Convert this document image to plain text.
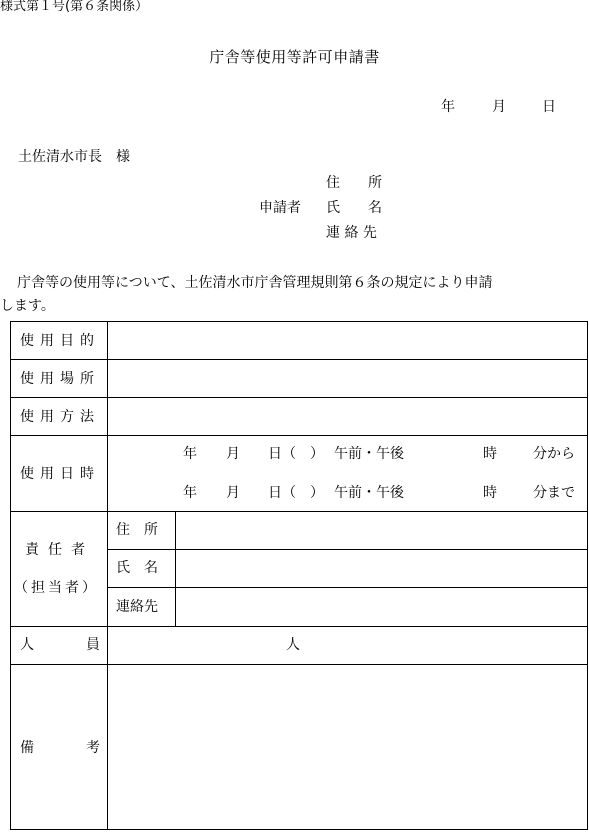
様式第１号(第６条関係）
庁舎等使用等許可申請書
年	月	日
土佐清水市長　様
住　　所
申請者 氏　　名
連 絡 先
庁舎等の使用等について、土佐清水市庁舎管理規則第６条の規定により申請
します。
使用目的
使用場所
使用方法
使用日時
年 月 日（　） 午前・午後	時	分から
年 月 日（　） 午前・午後	時	分まで
責任者
（担当者）
住　所
氏　名
連絡先
人	員	人
備	考
